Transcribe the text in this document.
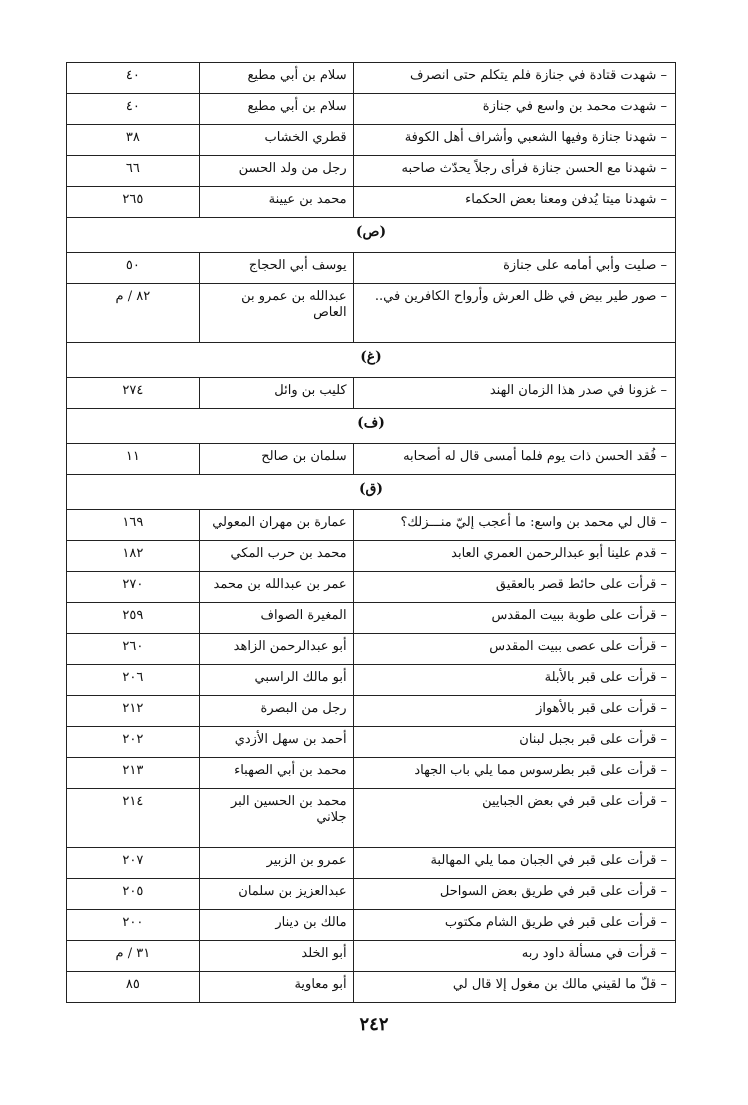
– شهدت قتادة في جنازة فلم يتكلم حتى انصرف	سلام بن أبي مطيع	٤٠
– شهدت محمد بن واسع في جنازة	سلام بن أبي مطيع	٤٠
– شهدنا جنازة وفيها الشعبي وأشراف أهل الكوفة	قطري الخشاب	٣٨
– شهدنا مع الحسن جنازة فرأى رجلاً يحدّث صاحبه	رجل من ولد الحسن	٦٦
– شهدنا ميتا يُدفن ومعنا بعض الحكماء	محمد بن عيينة	٢٦٥
(ص)		
– صليت وأبي أمامه على جنازة	يوسف أبي الحجاج	٥٠
– صور طير بيض في ظل العرش وأرواح الكافرين في..	عبدالله بن عمرو بن العاص	٨٢ / م
(غ)		
– غزونا في صدر هذا الزمان الهند	كليب بن وائل	٢٧٤
(ف)		
– فُقد الحسن ذات يوم فلما أمسى قال له أصحابه	سلمان بن صالح	١١
(ق)		
– قال لي محمد بن واسع: ما أعجب إليّ منـــزلك؟	عمارة بن مهران المعولي	١٦٩
– قدم علينا أبو عبدالرحمن العمري العابد	محمد بن حرب المكي	١٨٢
– قرأت على حائط قصر بالعقيق	عمر بن عبدالله بن محمد	٢٧٠
– قرأت على طوبة ببيت المقدس	المغيرة الصواف	٢٥٩
– قرأت على عصى ببيت المقدس	أبو عبدالرحمن الزاهد	٢٦٠
– قرأت على قبر بالأبلة	أبو مالك الراسبي	٢٠٦
– قرأت على قبر بالأهواز	رجل من البصرة	٢١٢
– قرأت على قبر بجبل لبنان	أحمد بن سهل الأزدي	٢٠٢
– قرأت على قبر بطرسوس مما يلي باب الجهاد	محمد بن أبي الصهباء	٢١٣
– قرأت على قبر في بعض الجبايين	محمد بن الحسين البر جلاني	٢١٤
– قرأت على قبر في الجبان مما يلي المهالبة	عمرو بن الزبير	٢٠٧
– قرأت على قبر في طريق بعض السواحل	عبدالعزيز بن سلمان	٢٠٥
– قرأت على قبر في طريق الشام مكتوب	مالك بن دينار	٢٠٠
– قرأت في مسألة داود ربه	أبو الخلد	٣١ / م
– قلّ ما لقيني مالك بن مغول إلا قال لي	أبو معاوية	٨٥
٢٤٢
